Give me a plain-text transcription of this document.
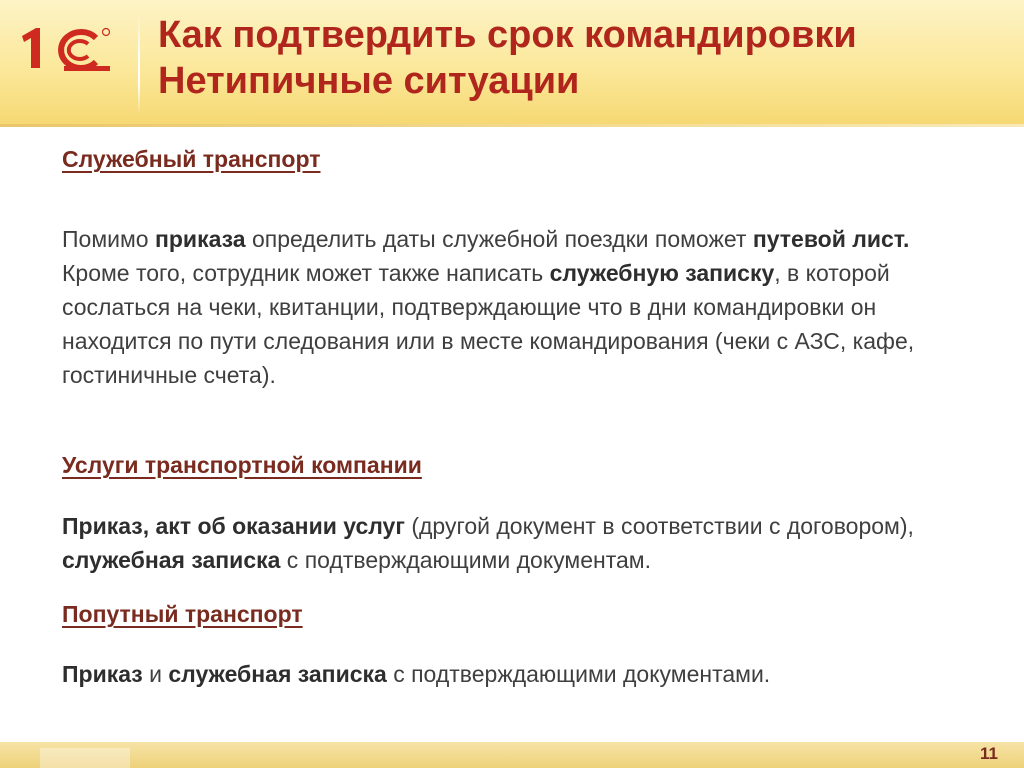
Как подтвердить срок командировки
Нетипичные ситуации
Служебный транспорт
Помимо приказа определить даты служебной поездки поможет путевой лист. Кроме того, сотрудник может также написать служебную записку, в которой сослаться на чеки, квитанции, подтверждающие что в дни командировки он находится по пути следования или в месте командирования (чеки с АЗС, кафе, гостиничные счета).
Услуги транспортной компании
Приказ, акт об оказании услуг (другой документ в соответствии с договором), служебная записка с подтверждающими документам.
Попутный транспорт
Приказ и служебная записка с подтверждающими документами.
11
